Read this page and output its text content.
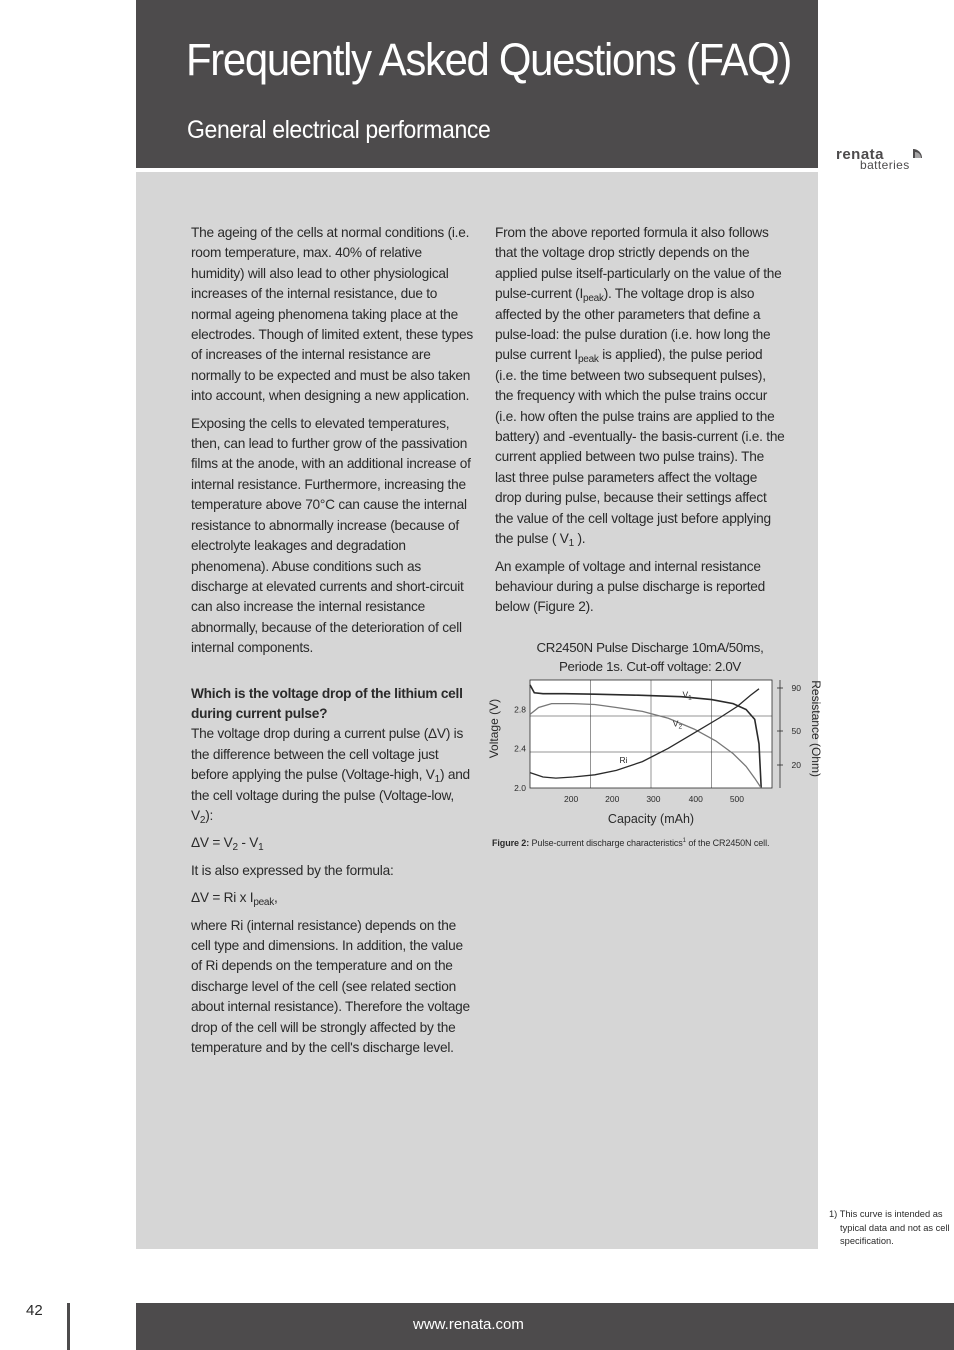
Frequently Asked Questions (FAQ)
General electrical performance
renata
batteries

The ageing of the cells at normal conditions (i.e. room temperature, max. 40% of relative humidity) will also lead to other physiological increases of the internal resistance, due to normal ageing phenomena taking place at the electrodes. Though of limited extent, these types of increases of the internal resistance are normally to be expected and must be also taken into account, when designing a new application.

Exposing the cells to elevated temperatures, then, can lead to further grow of the passivation films at the anode, with an additional increase of internal resistance. Furthermore, increasing the temperature above 70°C can cause the internal resistance to abnormally increase (because of electrolyte leakages and degradation phenomena). Abuse conditions such as discharge at elevated currents and short-circuit can also increase the internal resistance abnormally, because of the deterioration of cell internal components.

Which is the voltage drop of the lithium cell during current pulse?

The voltage drop during a current pulse (ΔV) is the difference between the cell voltage just before applying the pulse (Voltage-high, $V_1$) and the cell voltage during the pulse (Voltage-low, $V_2$):

$\Delta V = V_2 - V_1$

It is also expressed by the formula:

ΔV = Ri x $I_{peak}$,

where Ri (internal resistance) depends on the cell type and dimensions. In addition, the value of Ri depends on the temperature and on the discharge level of the cell (see related section about internal resistance). Therefore the voltage drop of the cell will be strongly affected by the temperature and by the cell's discharge level.

From the above reported formula it also follows that the voltage drop strictly depends on the applied pulse itself-particularly on the value of the pulse-current $(I_{peak})$. The voltage drop is also affected by the other parameters that define a pulse-load: the pulse duration (i.e. how long the pulse current $I_{peak}$ is applied), the pulse period (i.e. the time between two subsequent pulses), the frequency with which the pulse trains occur (i.e. how often the pulse trains are applied to the battery) and -eventually- the basis-current (i.e. the current applied between two pulse trains). The last three pulse parameters affect the voltage drop during pulse, because their settings affect the value of the cell voltage just before applying the pulse ( $V_1$ ).

An example of voltage and internal resistance behaviour during a pulse discharge is reported below (Figure 2).

CR2450N Pulse Discharge 10mA/50ms,
Periode 1s. Cut-off voltage: 2.0V
2.0
2.4
2.8
20
50
90
200	200	300	400	500
Capacity (mAh)
Voltage (V)	Resistance (Ohm)
$V_1$
$V_2$
Ri
Figure 2: Pulse-current discharge characteristics$^1$ of the CR2450N cell.
1) This curve is intended as typical data and not as cell specification.
42
www.renata.com
